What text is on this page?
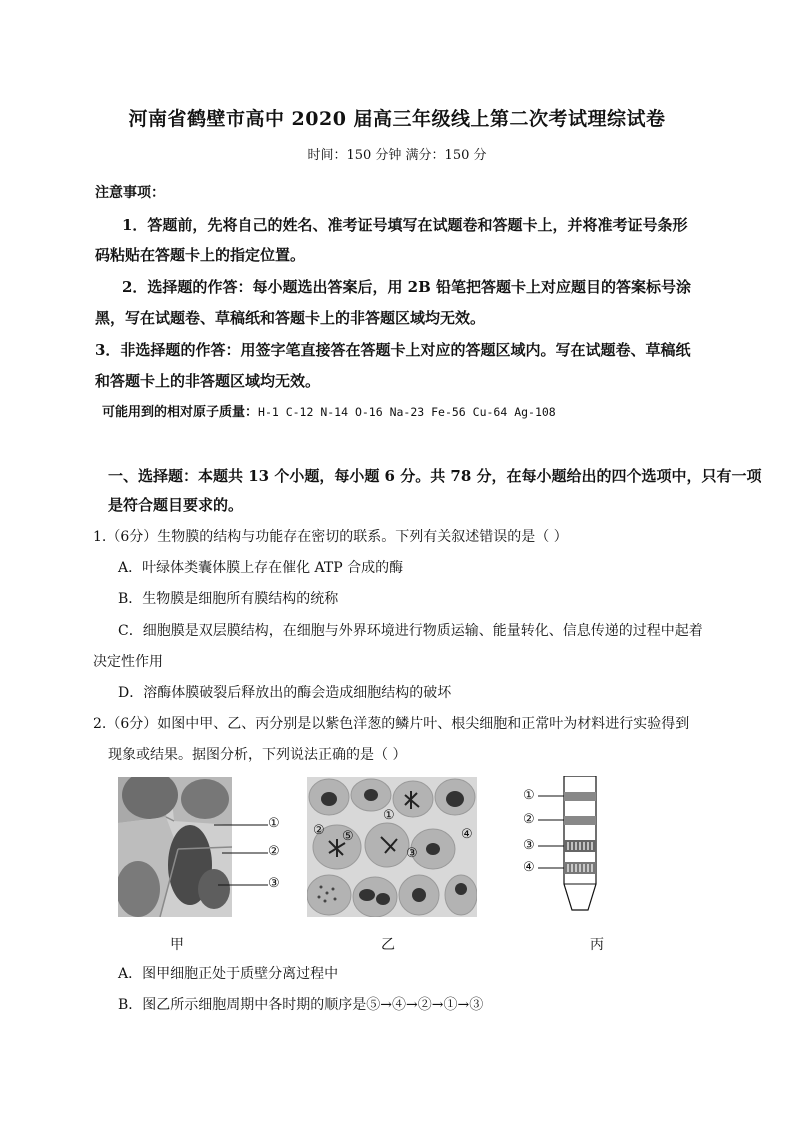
河南省鹤壁市高中 2020 届高三年级线上第二次考试理综试卷
时间：150 分钟 满分：150 分
注意事项：
1．答题前，先将自己的姓名、准考证号填写在试题卷和答题卡上，并将准考证号条形
码粘贴在答题卡上的指定位置。
2．选择题的作答：每小题选出答案后，用 2B 铅笔把答题卡上对应题目的答案标号涂
黑，写在试题卷、草稿纸和答题卡上的非答题区域均无效。
3．非选择题的作答：用签字笔直接答在答题卡上对应的答题区域内。写在试题卷、草稿纸
和答题卡上的非答题区域均无效。
可能用到的相对原子质量：H-1 C-12 N-14 O-16 Na-23 Fe-56 Cu-64 Ag-108
一、选择题：本题共 13 个小题，每小题 6 分。共 78 分，在每小题给出的四个选项中，只有一项
是符合题目要求的。
1.（6分）生物膜的结构与功能存在密切的联系。下列有关叙述错误的是（ ）
A．叶绿体类囊体膜上存在催化 ATP 合成的酶
B．生物膜是细胞所有膜结构的统称
C．细胞膜是双层膜结构，在细胞与外界环境进行物质运输、能量转化、信息传递的过程中起着
决定性作用
D．溶酶体膜破裂后释放出的酶会造成细胞结构的破坏
2.（6分）如图中甲、乙、丙分别是以紫色洋葱的鳞片叶、根尖细胞和正常叶为材料进行实验得到
现象或结果。据图分析，下列说法正确的是（ ）
①
②
③
② ⑤
①
③
④
①
②
③
④
甲	乙	丙
A．图甲细胞正处于质壁分离过程中
B．图乙所示细胞周期中各时期的顺序是⑤→④→②→①→③
